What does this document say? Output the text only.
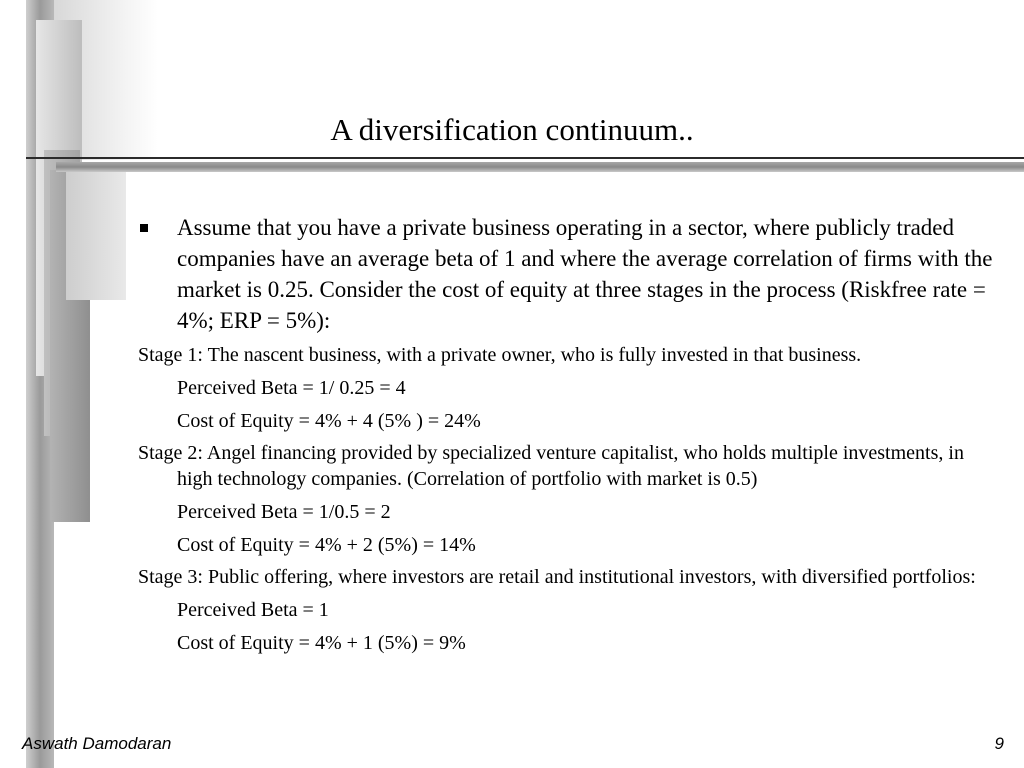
A diversification continuum..
Assume that you have a private business operating in a sector, where publicly traded companies have an average beta of 1 and where the average correlation of firms with the market is 0.25. Consider the cost of equity at three stages in the process (Riskfree rate = 4%; ERP = 5%):
Stage 1: The nascent business, with a private owner, who is fully invested in that business.
Perceived Beta = 1/ 0.25 = 4
Cost of Equity = 4% + 4 (5% ) = 24%
Stage 2: Angel financing provided by specialized venture capitalist, who holds multiple investments, in high technology companies. (Correlation of portfolio with market is 0.5)
Perceived Beta = 1/0.5 = 2
Cost of Equity = 4% + 2 (5%) = 14%
Stage 3: Public offering, where investors are retail and institutional investors, with diversified portfolios:
Perceived Beta = 1
Cost of Equity = 4% + 1 (5%) = 9%
Aswath Damodaran	9
